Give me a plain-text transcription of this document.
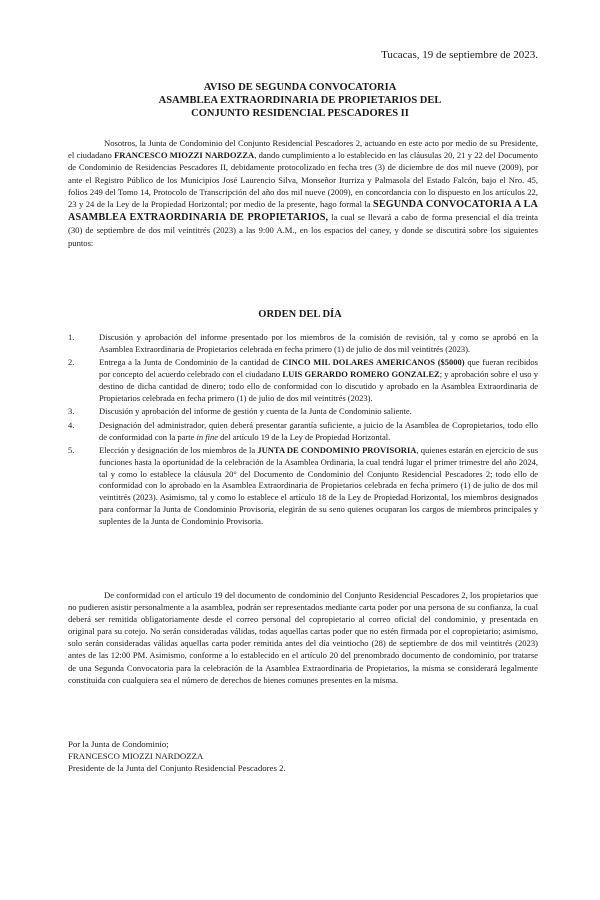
Tucacas, 19 de septiembre de 2023.
AVISO DE SEGUNDA CONVOCATORIA
ASAMBLEA EXTRAORDINARIA DE PROPIETARIOS DEL
CONJUNTO RESIDENCIAL PESCADORES II

Nosotros, la Junta de Condominio del Conjunto Residencial Pescadores 2, actuando en este acto por medio de su Presidente, el ciudadano FRANCESCO MIOZZI NARDOZZA, dando cumplimiento a lo establecido en las cláusulas 20, 21 y 22 del Documento de Condominio de Residencias Pescadores II, debidamente protocolizado en fecha tres (3) de diciembre de dos mil nueve (2009), por ante el Registro Público de los Municipios José Laurencio Silva, Monseñor Iturriza y Palmasola del Estado Falcón, bajo el Nro. 45, folios 249 del Tomo 14, Protocolo de Transcripción del año dos mil nueve (2009), en concordancia con lo dispuesto en los artículos 22, 23 y 24 de la Ley de la Propiedad Horizontal; por medio de la presente, hago formal la SEGUNDA CONVOCATORIA A LA ASAMBLEA EXTRAORDINARIA DE PROPIETARIOS, la cual se llevará a cabo de forma presencial el día treinta (30) de septiembre de dos mil veintitrés (2023) a las 9:00 A.M., en los espacios del caney, y donde se discutirá sobre los siguientes puntos:

ORDEN DEL DÍA
1.	Discusión y aprobación del informe presentado por los miembros de la comisión de revisión, tal y como se aprobó en la Asamblea Extraordinaria de Propietarios celebrada en fecha primero (1) de julio de dos mil veintitrés (2023).
2.	Entrega a la Junta de Condominio de la cantidad de CINCO MIL DOLARES AMERICANOS ($5000) que fueran recibidos por concepto del acuerdo celebrado con el ciudadano LUIS GERARDO ROMERO GONZALEZ; y aprobación sobre el uso y destino de dicha cantidad de dinero; todo ello de conformidad con lo discutido y aprobado en la Asamblea Extraordinaria de Propietarios celebrada en fecha primero (1) de julio de dos mil veintitrés (2023).
3.	Discusión y aprobación del informe de gestión y cuenta de la Junta de Condominio saliente.
4.	Designación del administrador, quien deberá presentar garantía suficiente, a juicio de la Asamblea de Copropietarios, todo ello de conformidad con la parte in fine del artículo 19 de la Ley de Propiedad Horizontal.
5.	Elección y designación de los miembros de la JUNTA DE CONDOMINIO PROVISORIA, quienes estarán en ejercicio de sus funciones hasta la oportunidad de la celebración de la Asamblea Ordinaria, la cual tendrá lugar el primer trimestre del año 2024, tal y como lo establece la cláusula 20° del Documento de Condominio del Conjunto Residencial Pescadores 2; todo ello de conformidad con lo aprobado en la Asamblea Extraordinaria de Propietarios celebrada en fecha primero (1) de julio de dos mil veintitrés (2023). Asimismo, tal y como lo establece el artículo 18 de la Ley de Propiedad Horizontal, los miembros designados para conformar la Junta de Condominio Provisoria, elegirán de su seno quienes ocuparan los cargos de miembros principales y suplentes de la Junta de Condominio Provisoria.

De conformidad con el artículo 19 del documento de condominio del Conjunto Residencial Pescadores 2, los propietarios que no pudieren asistir personalmente a la asamblea, podrán ser representados mediante carta poder por una persona de su confianza, la cual deberá ser remitida obligatoriamente desde el correo personal del copropietario al correo oficial del condominio, y presentada en original para su cotejo. No serán consideradas válidas, todas aquellas cartas poder que no estén firmada por el copropietario; asimismo, solo serán consideradas válidas aquellas carta poder remitida antes del día veintiocho (28) de septiembre de dos mil veintitrés (2023) antes de las 12:00 PM. Asimismo, conforme a lo establecido en el artículo 20 del prenombrado documento de condominio, por tratarse de una Segunda Convocatoria para la celebración de la Asamblea Extraordinaria de Propietarios, la misma se considerará legalmente constituida con cualquiera sea el número de derechos de bienes comunes presentes en la misma.

Por la Junta de Condominio;
FRANCESCO MIOZZI NARDOZZA
Presidente de la Junta del Conjunto Residencial Pescadores 2.
